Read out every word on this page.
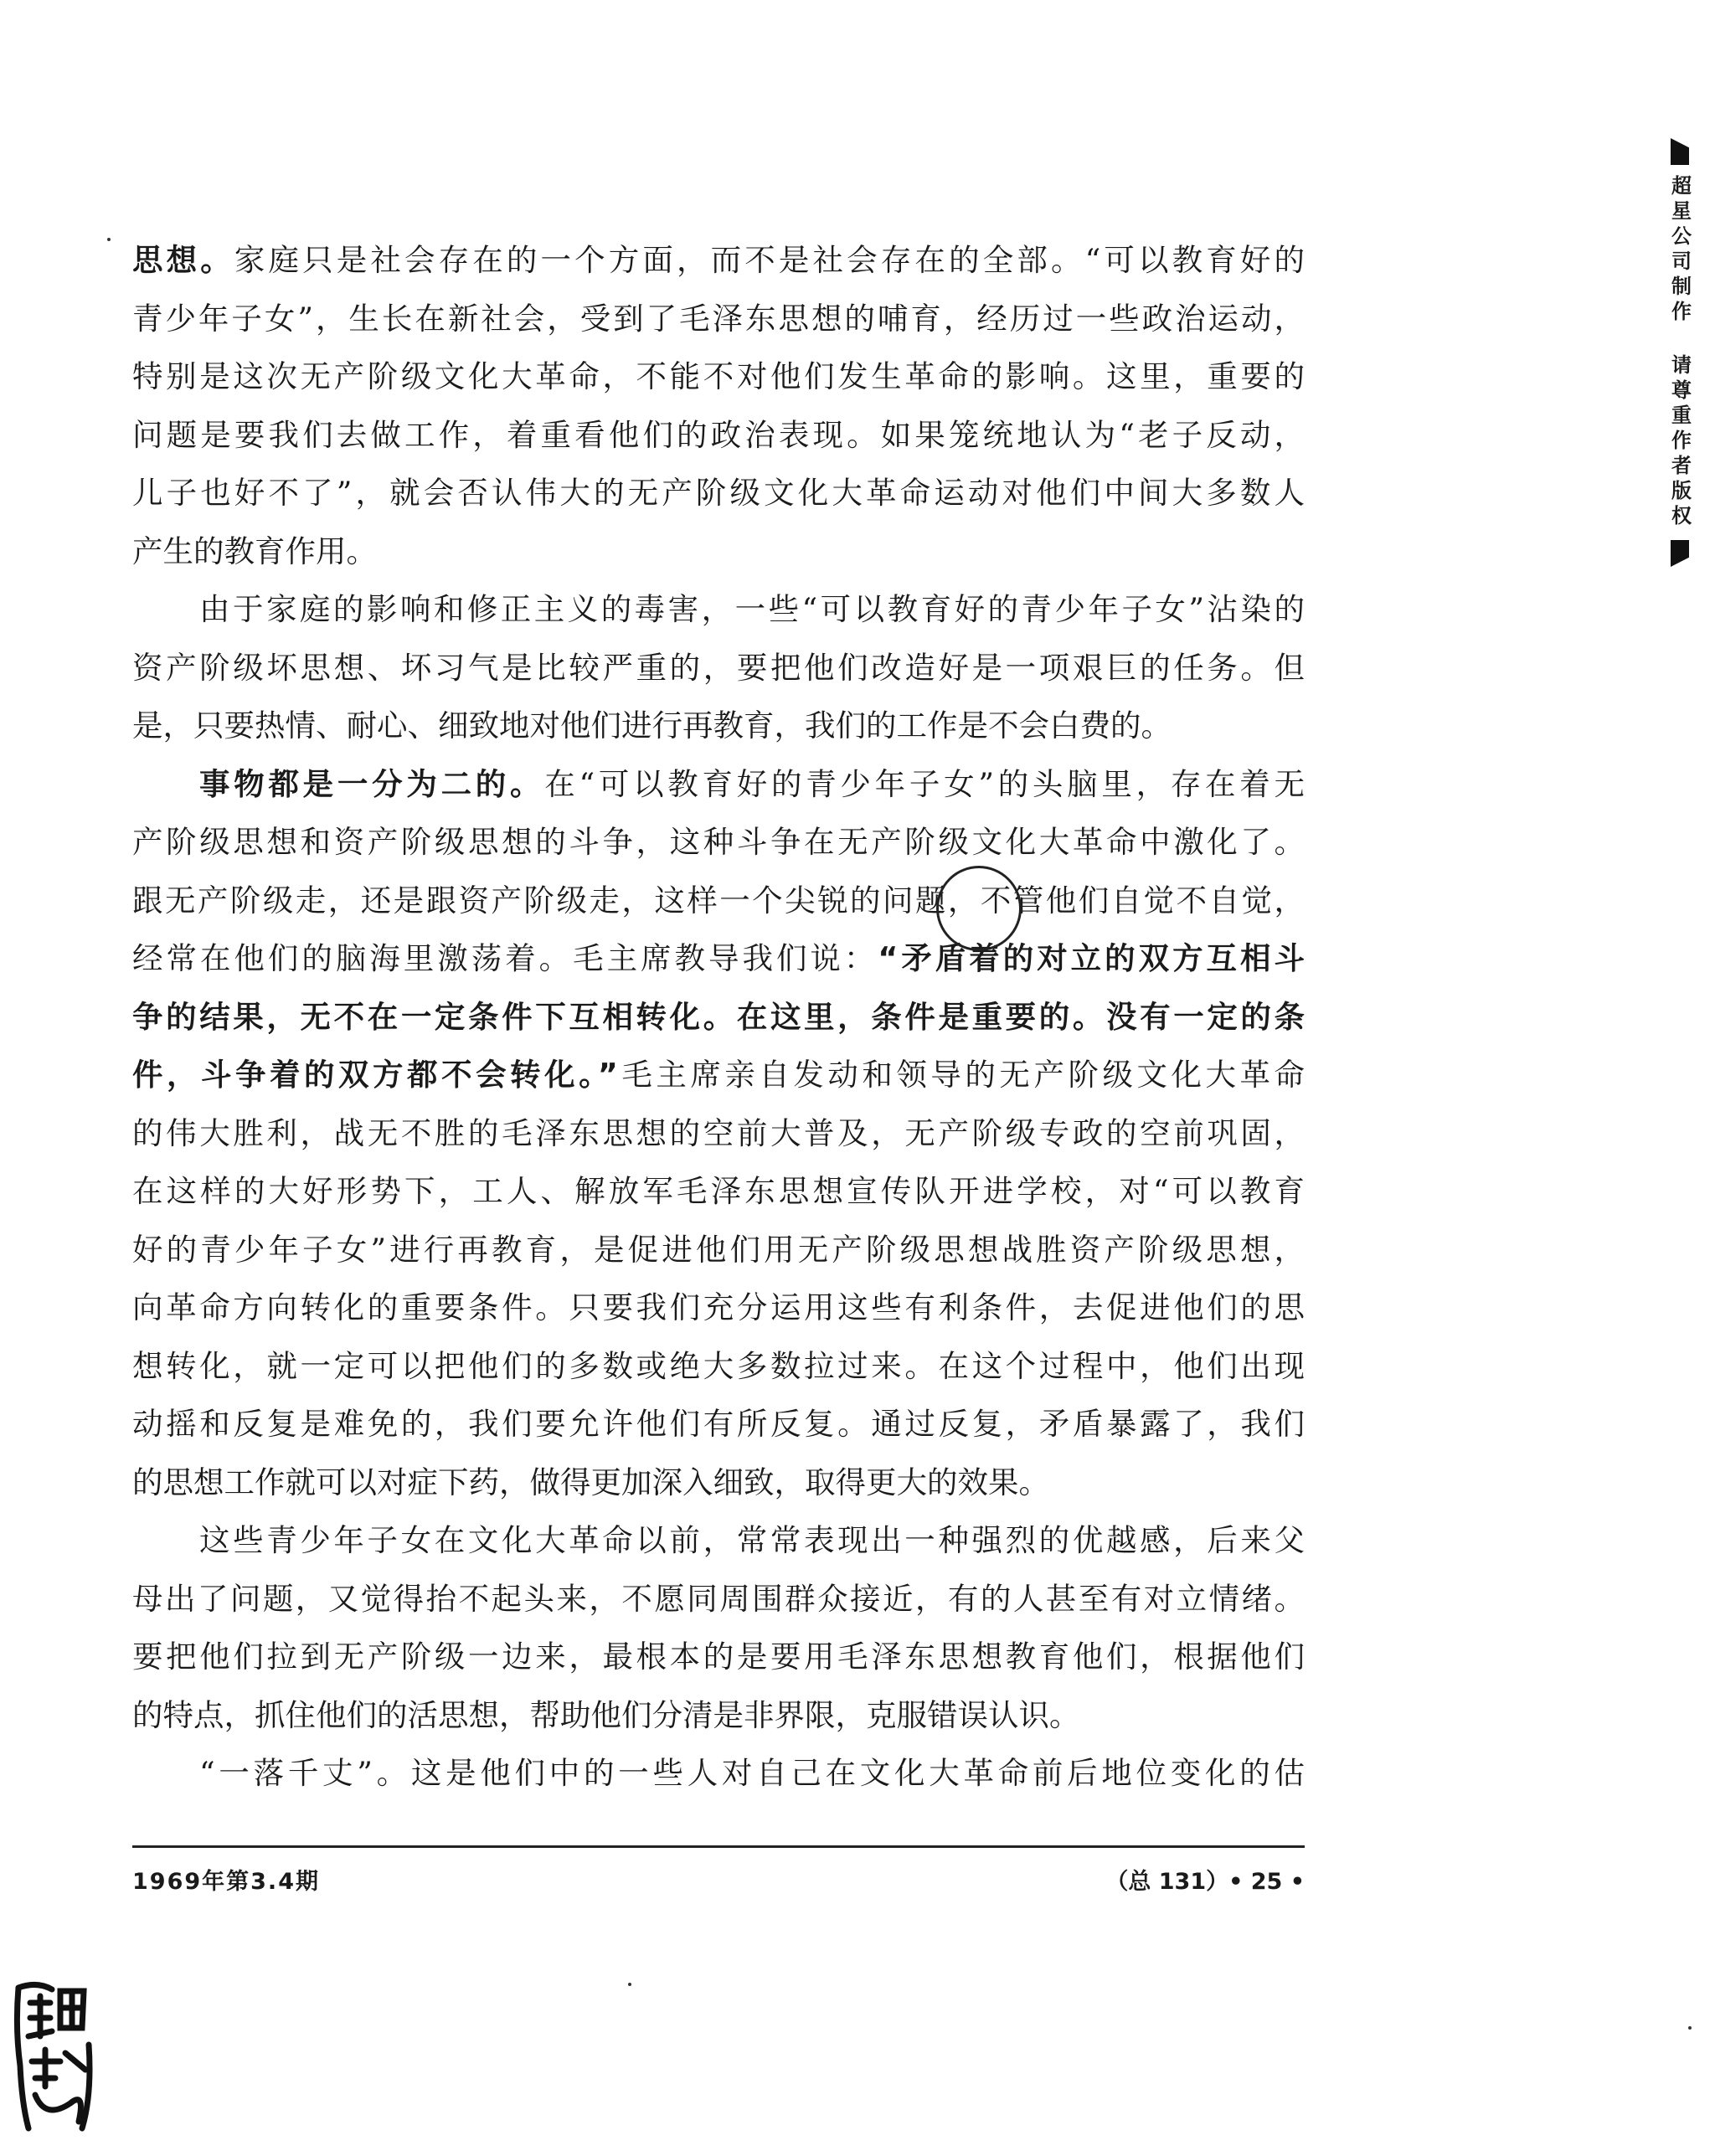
思想。家庭只是社会存在的一个方面，而不是社会存在的全部。“可以教育好的
青少年子女”，生长在新社会，受到了毛泽东思想的哺育，经历过一些政治运动，
特别是这次无产阶级文化大革命，不能不对他们发生革命的影响。这里，重要的
问题是要我们去做工作，着重看他们的政治表现。如果笼统地认为“老子反动，
儿子也好不了”，就会否认伟大的无产阶级文化大革命运动对他们中间大多数人
产生的教育作用。
由于家庭的影响和修正主义的毒害，一些“可以教育好的青少年子女”沾染的
资产阶级坏思想、坏习气是比较严重的，要把他们改造好是一项艰巨的任务。但
是，只要热情、耐心、细致地对他们进行再教育，我们的工作是不会白费的。
事物都是一分为二的。在“可以教育好的青少年子女”的头脑里，存在着无
产阶级思想和资产阶级思想的斗争，这种斗争在无产阶级文化大革命中激化了。
跟无产阶级走，还是跟资产阶级走，这样一个尖锐的问题，不管他们自觉不自觉，
经常在他们的脑海里激荡着。毛主席教导我们说：“矛盾着的对立的双方互相斗
争的结果，无不在一定条件下互相转化。在这里，条件是重要的。没有一定的条
件，斗争着的双方都不会转化。”毛主席亲自发动和领导的无产阶级文化大革命
的伟大胜利，战无不胜的毛泽东思想的空前大普及，无产阶级专政的空前巩固，
在这样的大好形势下，工人、解放军毛泽东思想宣传队开进学校，对“可以教育
好的青少年子女”进行再教育，是促进他们用无产阶级思想战胜资产阶级思想，
向革命方向转化的重要条件。只要我们充分运用这些有利条件，去促进他们的思
想转化，就一定可以把他们的多数或绝大多数拉过来。在这个过程中，他们出现
动摇和反复是难免的，我们要允许他们有所反复。通过反复，矛盾暴露了，我们
的思想工作就可以对症下药，做得更加深入细致，取得更大的效果。
这些青少年子女在文化大革命以前，常常表现出一种强烈的优越感，后来父
母出了问题，又觉得抬不起头来，不愿同周围群众接近，有的人甚至有对立情绪。
要把他们拉到无产阶级一边来，最根本的是要用毛泽东思想教育他们，根据他们
的特点，抓住他们的活思想，帮助他们分清是非界限，克服错误认识。
“一落千丈”。这是他们中的一些人对自己在文化大革命前后地位变化的估
1969年第3.4期	（总 131）• 25 •
超星公司制作 请尊重作者版权
